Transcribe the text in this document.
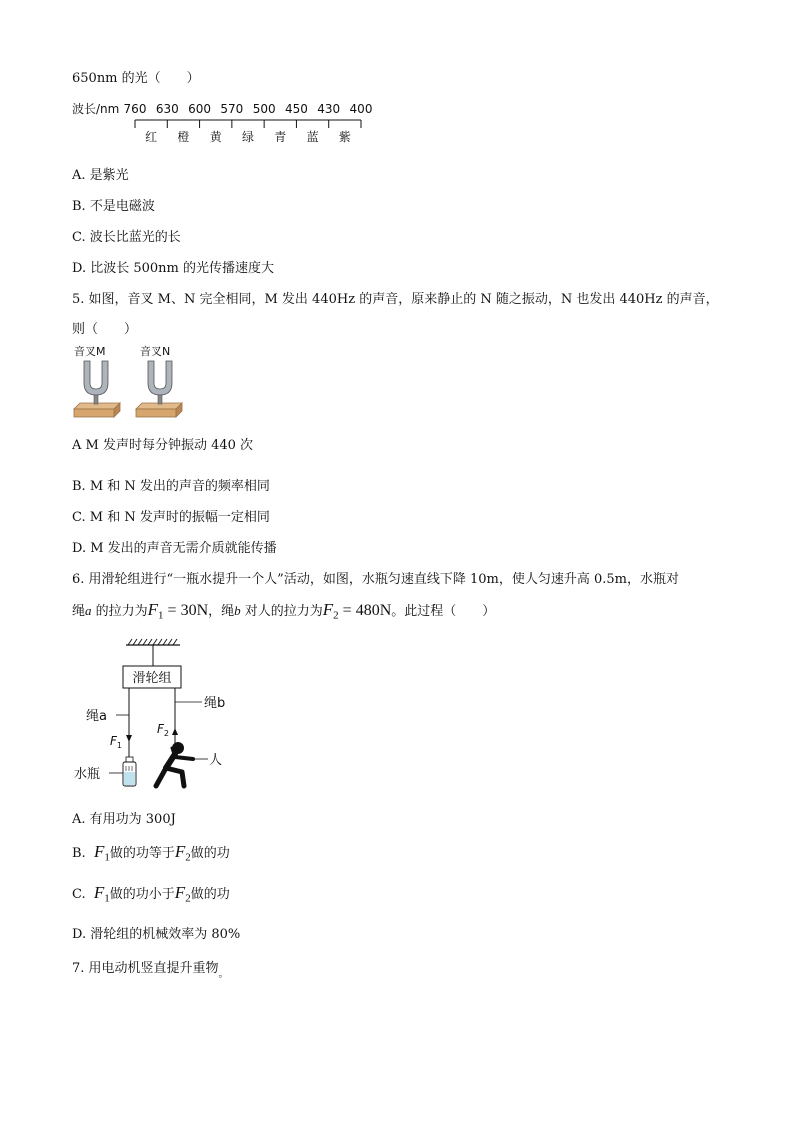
650nm 的光（　　）
波长/nm 760 630 600 570 500 450 430 400
红 橙 黄 绿 青 蓝 紫
A. 是紫光
B. 不是电磁波
C. 波长比蓝光的长
D. 比波长 500nm 的光传播速度大
5. 如图，音叉 M、N 完全相同，M 发出 440Hz 的声音，原来静止的 N 随之振动，N 也发出 440Hz 的声音，
则（　　）
音叉M	音叉N
A M 发声时每分钟振动 440 次
B. M 和 N 发出的声音的频率相同
C. M 和 N 发声时的振幅一定相同
D. M 发出的声音无需介质就能传播
6. 用滑轮组进行“一瓶水提升一个人”活动，如图，水瓶匀速直线下降 10m，使人匀速升高 0.5m，水瓶对
绳a 的拉力为$F_1 = 30N$，绳b 对人的拉力为$F_2 = 480N$。此过程（　　）
滑轮组
绳a
$F_1$
水瓶
绳b
$F_2$
人
A. 有用功为 300J
B. $F_1$做的功等于$F_2$做的功
C. $F_1$做的功小于$F_2$做的功
D. 滑轮组的机械效率为 80%
7. 用电动机竖直提升重物$_。$
